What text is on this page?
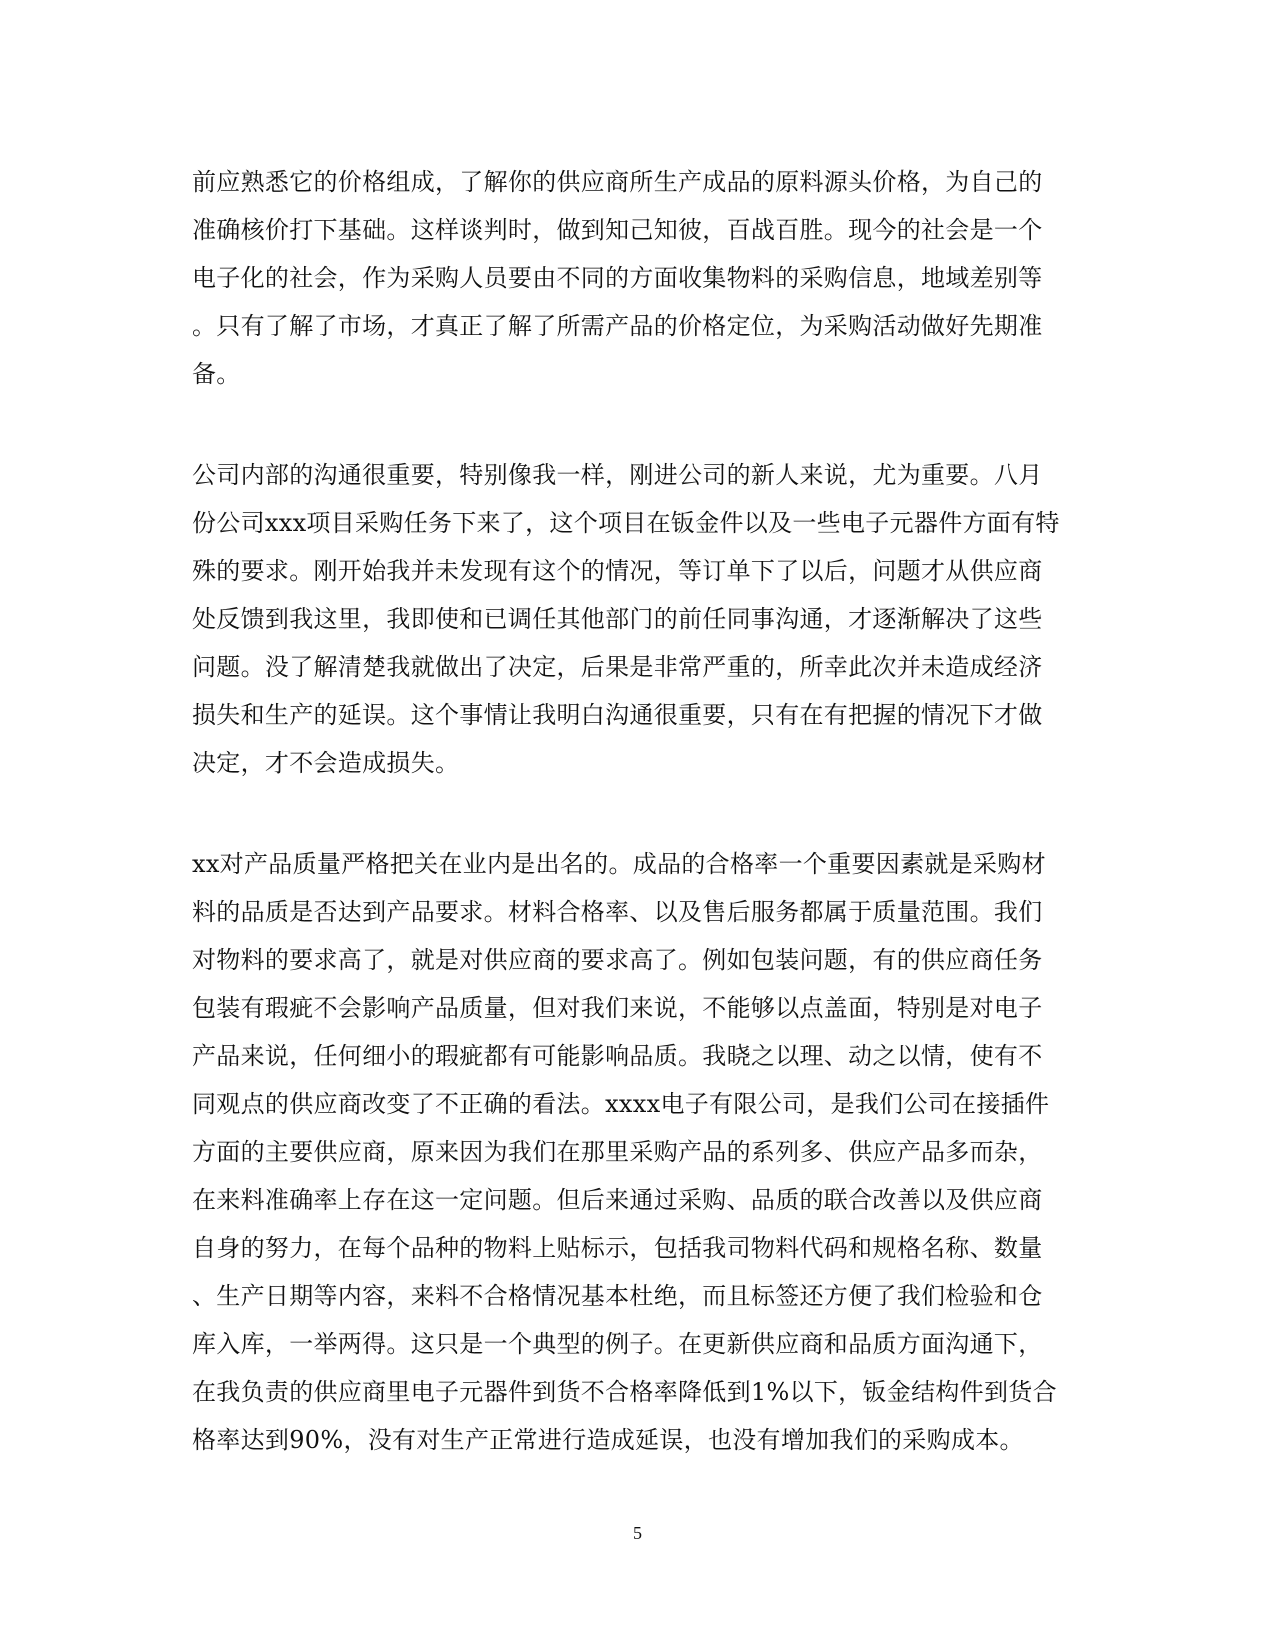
前应熟悉它的价格组成，了解你的供应商所生产成品的原料源头价格，为自己的
准确核价打下基础。这样谈判时，做到知己知彼，百战百胜。现今的社会是一个
电子化的社会，作为采购人员要由不同的方面收集物料的采购信息，地域差别等
。只有了解了市场，才真正了解了所需产品的价格定位，为采购活动做好先期准
备。
公司内部的沟通很重要，特别像我一样，刚进公司的新人来说，尤为重要。八月
份公司xxx项目采购任务下来了，这个项目在钣金件以及一些电子元器件方面有特
殊的要求。刚开始我并未发现有这个的情况，等订单下了以后，问题才从供应商
处反馈到我这里，我即使和已调任其他部门的前任同事沟通，才逐渐解决了这些
问题。没了解清楚我就做出了决定，后果是非常严重的，所幸此次并未造成经济
损失和生产的延误。这个事情让我明白沟通很重要，只有在有把握的情况下才做
决定，才不会造成损失。
xx对产品质量严格把关在业内是出名的。成品的合格率一个重要因素就是采购材
料的品质是否达到产品要求。材料合格率、以及售后服务都属于质量范围。我们
对物料的要求高了，就是对供应商的要求高了。例如包装问题，有的供应商任务
包装有瑕疵不会影响产品质量，但对我们来说，不能够以点盖面，特别是对电子
产品来说，任何细小的瑕疵都有可能影响品质。我晓之以理、动之以情，使有不
同观点的供应商改变了不正确的看法。xxxx电子有限公司，是我们公司在接插件
方面的主要供应商，原来因为我们在那里采购产品的系列多、供应产品多而杂，
在来料准确率上存在这一定问题。但后来通过采购、品质的联合改善以及供应商
自身的努力，在每个品种的物料上贴标示，包括我司物料代码和规格名称、数量
、生产日期等内容，来料不合格情况基本杜绝，而且标签还方便了我们检验和仓
库入库，一举两得。这只是一个典型的例子。在更新供应商和品质方面沟通下，
在我负责的供应商里电子元器件到货不合格率降低到1%以下，钣金结构件到货合
格率达到90%，没有对生产正常进行造成延误，也没有增加我们的采购成本。
5
